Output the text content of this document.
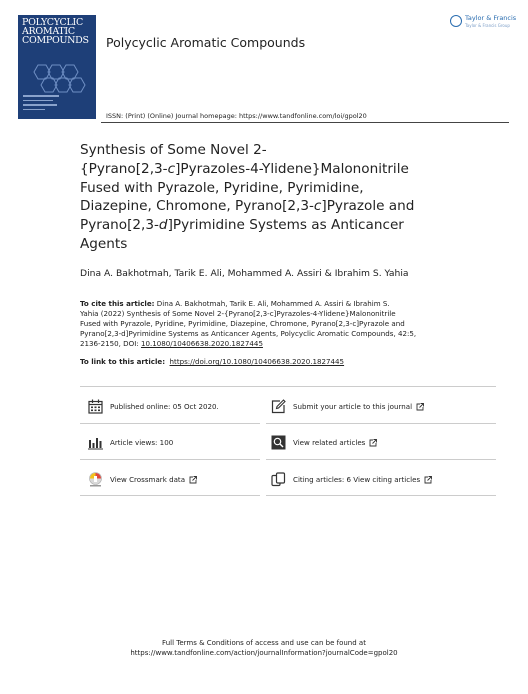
POLYCYCLIC
AROMATIC
COMPOUNDS	Polycyclic Aromatic Compounds
Taylor & Francis
Taylor & Francis Group
ISSN: (Print) (Online) Journal homepage: https://www.tandfonline.com/loi/gpol20
Synthesis of Some Novel 2-
{Pyrano[2,3-c]Pyrazoles-4-Ylidene}Malononitrile
Fused with Pyrazole, Pyridine, Pyrimidine,
Diazepine, Chromone, Pyrano[2,3-c]Pyrazole and
Pyrano[2,3-d]Pyrimidine Systems as Anticancer
Agents
Dina A. Bakhotmah, Tarik E. Ali, Mohammed A. Assiri & Ibrahim S. Yahia
To cite this article: Dina A. Bakhotmah, Tarik E. Ali, Mohammed A. Assiri & Ibrahim S.
Yahia (2022) Synthesis of Some Novel 2-{Pyrano[2,3-c]Pyrazoles-4-Ylidene}Malononitrile
Fused with Pyrazole, Pyridine, Pyrimidine, Diazepine, Chromone, Pyrano[2,3-c]Pyrazole and
Pyrano[2,3-d]Pyrimidine Systems as Anticancer Agents, Polycyclic Aromatic Compounds, 42:5,
2136-2150, DOI: 10.1080/10406638.2020.1827445
To link to this article: https://doi.org/10.1080/10406638.2020.1827445
Published online: 05 Oct 2020.	Submit your article to this journal
Article views: 100	View related articles
View Crossmark data	Citing articles: 6 View citing articles
Full Terms & Conditions of access and use can be found at
https://www.tandfonline.com/action/journalInformation?journalCode=gpol20
